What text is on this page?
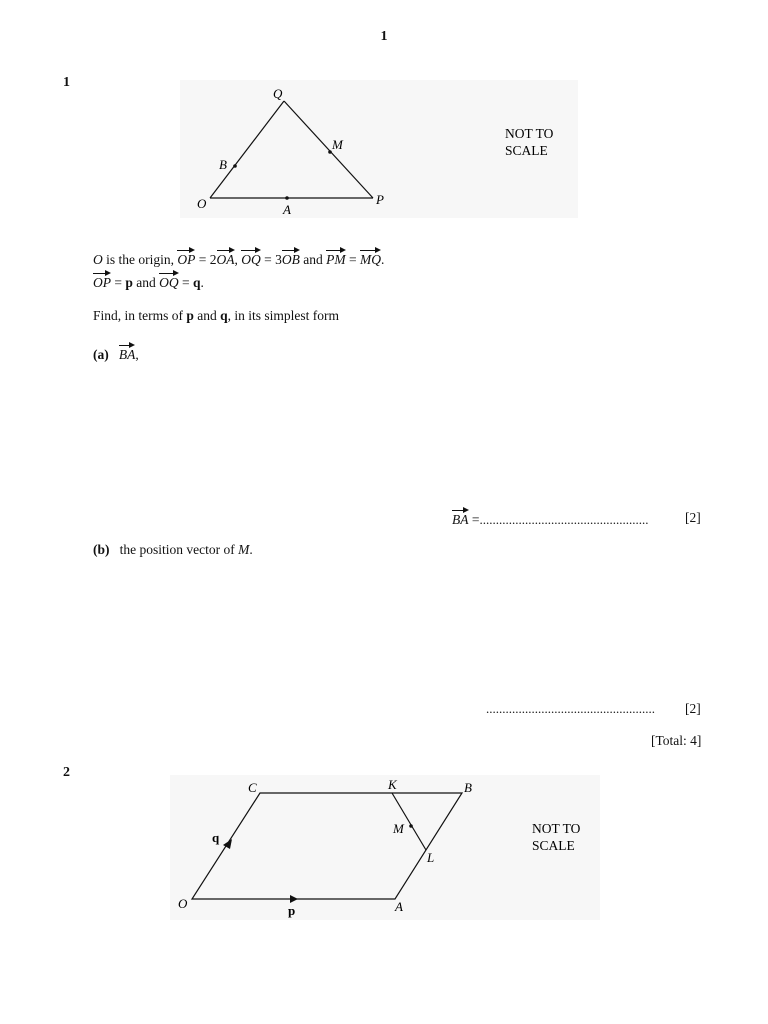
1
1
O	A
P
B
Q
M
NOT TO
SCALE
O is the origin, OP = 2OA, OQ = 3OB and PM = MQ.
OP = p and OQ = q.
Find, in terms of p and q, in its simplest form
(a) BA,
BA =....................................................	[2]
(b) the position vector of M.
.................................................... [2]
[Total: 4]
2
O	A
B
C	K
M
L
p
q
NOT TO
SCALE
